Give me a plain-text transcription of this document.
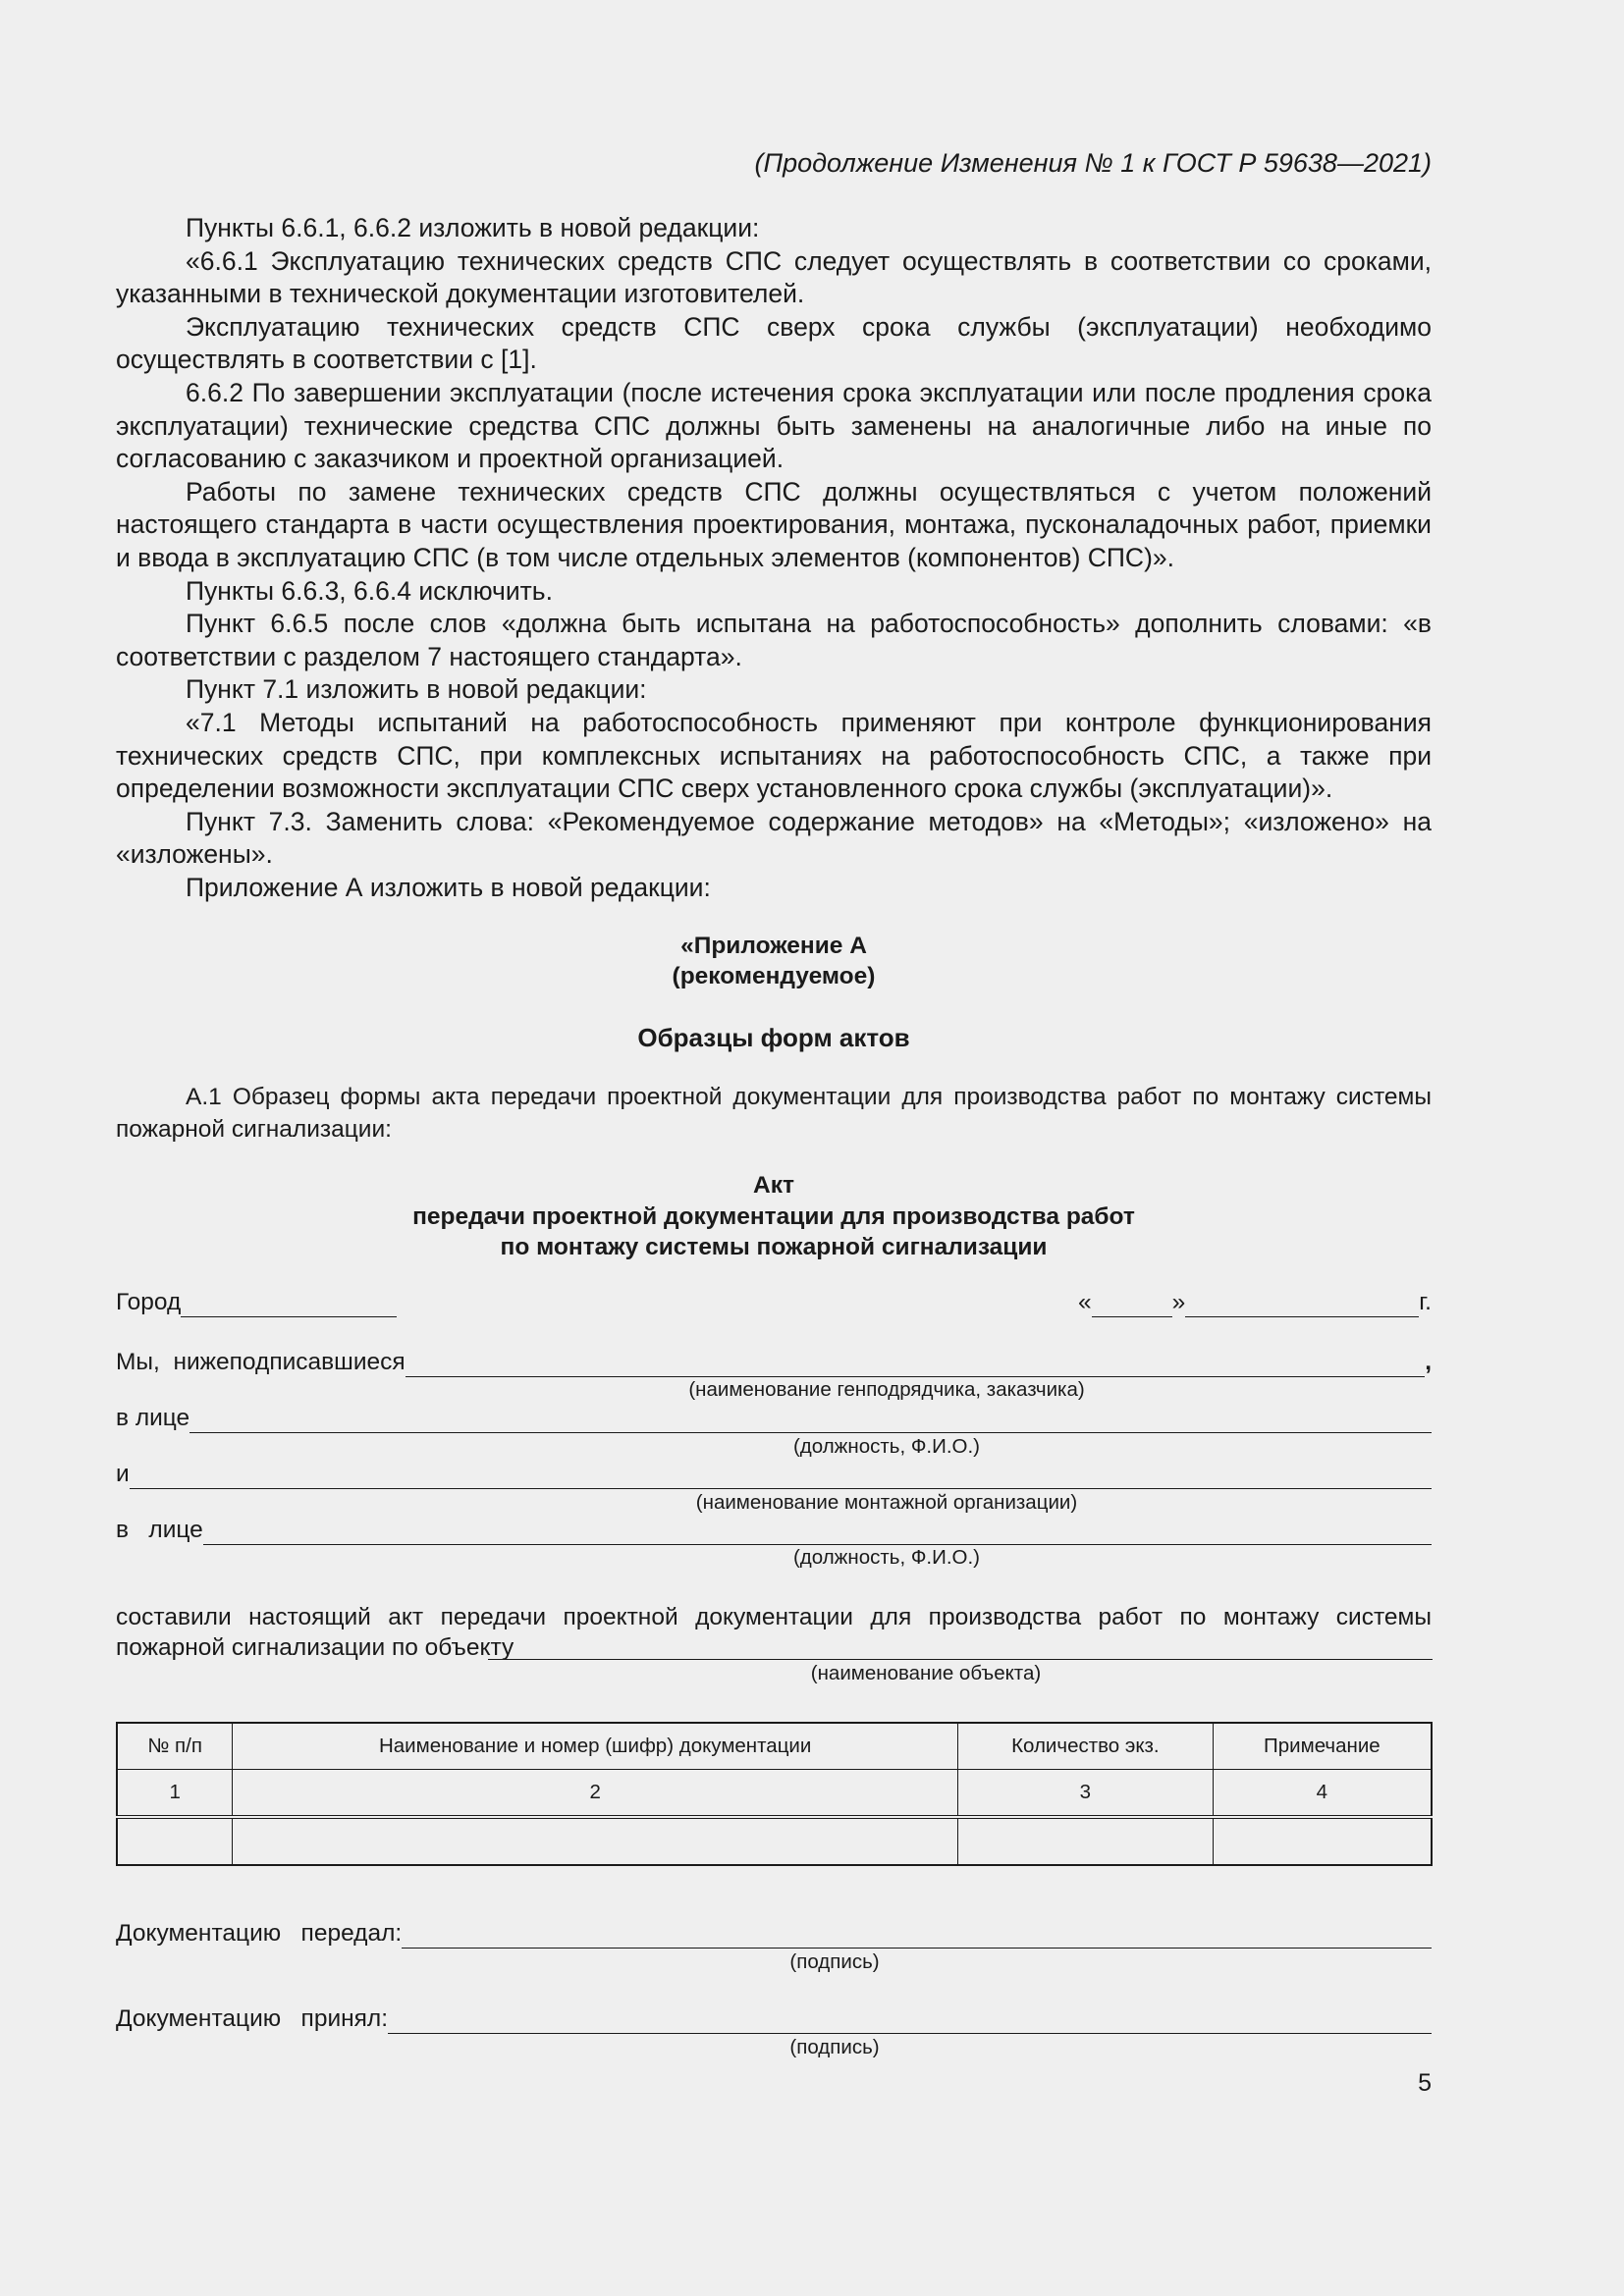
(Продолжение Изменения № 1 к ГОСТ Р 59638—2021)

Пункты 6.6.1, 6.6.2 изложить в новой редакции:

«6.6.1 Эксплуатацию технических средств СПС следует осуществлять в соответствии со сроками, указанными в технической документации изготовителей.

Эксплуатацию технических средств СПС сверх срока службы (эксплуатации) необходимо осуществлять в соответствии с [1].

6.6.2 По завершении эксплуатации (после истечения срока эксплуатации или после продления срока эксплуатации) технические средства СПС должны быть заменены на аналогичные либо на иные по согласованию с заказчиком и проектной организацией.

Работы по замене технических средств СПС должны осуществляться с учетом положений настоящего стандарта в части осуществления проектирования, монтажа, пусконаладочных работ, приемки и ввода в эксплуатацию СПС (в том числе отдельных элементов (компонентов) СПС)».

Пункты 6.6.3, 6.6.4 исключить.

Пункт 6.6.5 после слов «должна быть испытана на работоспособность» дополнить словами: «в соответствии с разделом 7 настоящего стандарта».

Пункт 7.1 изложить в новой редакции:

«7.1 Методы испытаний на работоспособность применяют при контроле функционирования технических средств СПС, при комплексных испытаниях на работоспособность СПС, а также при определении возможности эксплуатации СПС сверх установленного срока службы (эксплуатации)».

Пункт 7.3. Заменить слова: «Рекомендуемое содержание методов» на «Методы»; «изложено» на «изложены».

Приложение А изложить в новой редакции:

«Приложение А
(рекомендуемое)
Образцы форм актов

А.1 Образец формы акта передачи проектной документации для производства работ по монтажу системы пожарной сигнализации:

Акт
передачи проектной документации для производства работ
по монтажу системы пожарной сигнализации
Город	«	»	г.
Мы,  нижеподписавшиеся	,
(наименование генподрядчика, заказчика)
в лице
(должность, Ф.И.О.)
и
(наименование монтажной организации)
в   лице
(должность, Ф.И.О.)
составили настоящий акт передачи проектной документации для производства работ по монтажу системы пожарной сигнализации по объекту
(наименование объекта)
№ п/п	Наименование и номер (шифр) документации	Количество экз.	Примечание
1	2	3	4

Документацию   передал:
(подпись)
Документацию   принял:
(подпись)
5
